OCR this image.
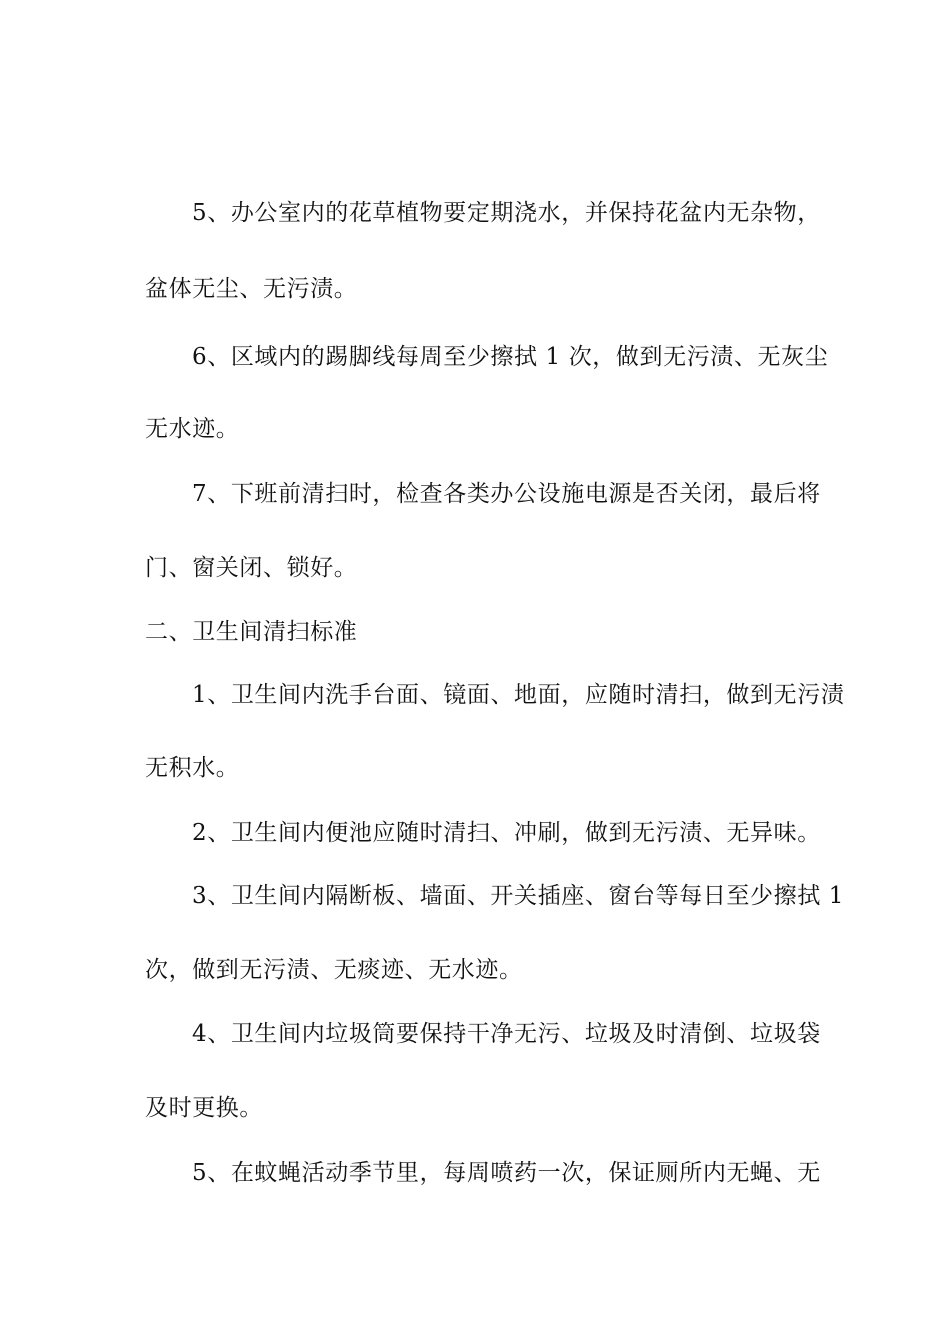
5、办公室内的花草植物要定期浇水，并保持花盆内无杂物，
盆体无尘、无污渍。
6、区域内的踢脚线每周至少擦拭 1 次，做到无污渍、无灰尘
无水迹。
7、下班前清扫时，检查各类办公设施电源是否关闭，最后将
门、窗关闭、锁好。
二、卫生间清扫标准
1、卫生间内洗手台面、镜面、地面，应随时清扫，做到无污渍
无积水。
2、卫生间内便池应随时清扫、冲刷，做到无污渍、无异味。
3、卫生间内隔断板、墙面、开关插座、窗台等每日至少擦拭 1
次，做到无污渍、无痰迹、无水迹。
4、卫生间内垃圾筒要保持干净无污、垃圾及时清倒、垃圾袋
及时更换。
5、在蚊蝇活动季节里，每周喷药一次，保证厕所内无蝇、无
